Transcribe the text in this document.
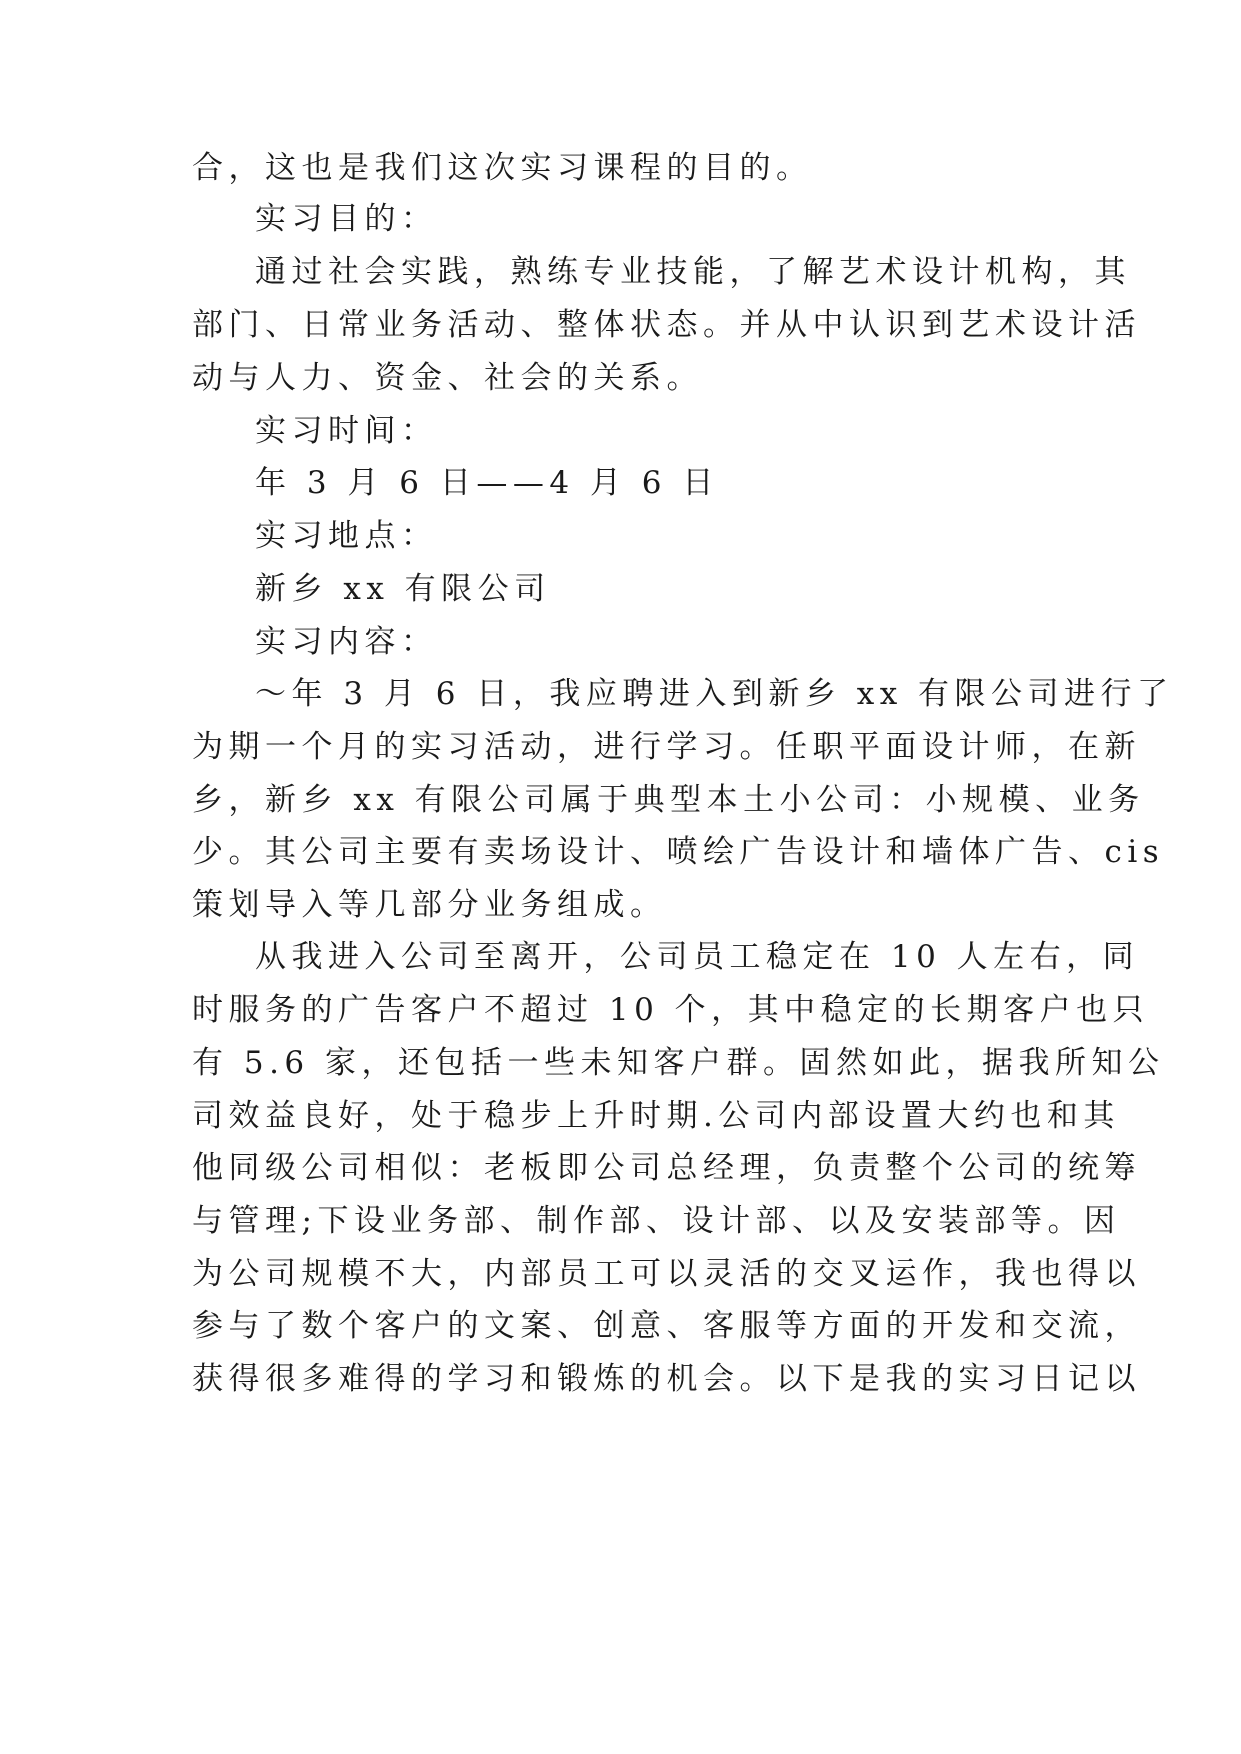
合，这也是我们这次实习课程的目的。
实习目的：
通过社会实践，熟练专业技能，了解艺术设计机构，其
部门、日常业务活动、整体状态。并从中认识到艺术设计活
动与人力、资金、社会的关系。
实习时间：
年 3 月 6 日——4 月 6 日
实习地点：
新乡 xx 有限公司
实习内容：
～年 3 月 6 日，我应聘进入到新乡 xx 有限公司进行了
为期一个月的实习活动，进行学习。任职平面设计师，在新
乡，新乡 xx 有限公司属于典型本土小公司：小规模、业务
少。其公司主要有卖场设计、喷绘广告设计和墙体广告、cis
策划导入等几部分业务组成。
从我进入公司至离开，公司员工稳定在 10 人左右，同
时服务的广告客户不超过 10 个，其中稳定的长期客户也只
有 5.6 家，还包括一些未知客户群。固然如此，据我所知公
司效益良好，处于稳步上升时期.公司内部设置大约也和其
他同级公司相似：老板即公司总经理，负责整个公司的统筹
与管理;下设业务部、制作部、设计部、以及安装部等。因
为公司规模不大，内部员工可以灵活的交叉运作，我也得以
参与了数个客户的文案、创意、客服等方面的开发和交流，
获得很多难得的学习和锻炼的机会。以下是我的实习日记以
